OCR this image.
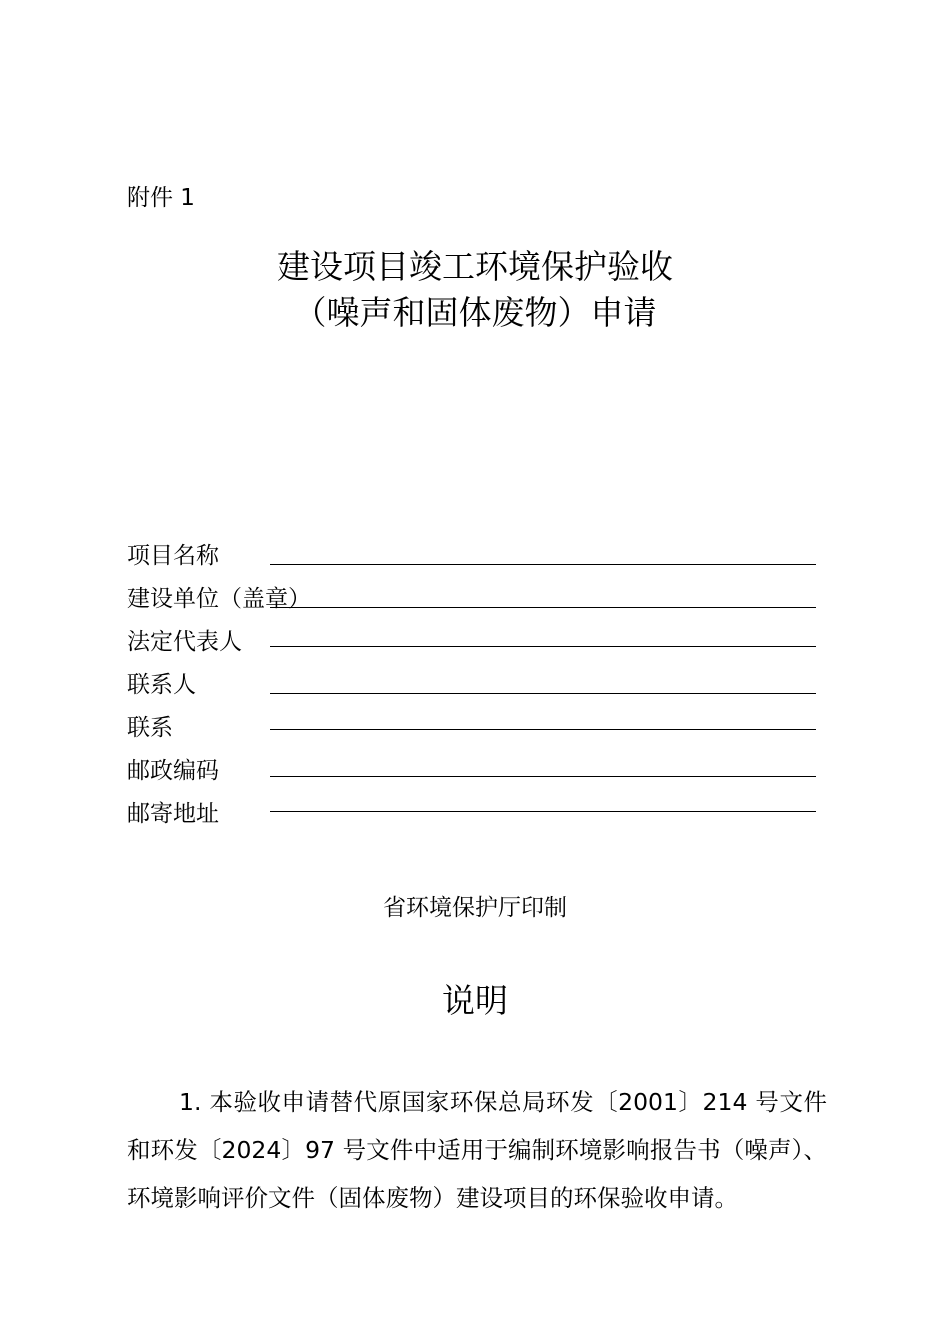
附件 1
建设项目竣工环境保护验收
（噪声和固体废物）申请
项目名称
建设单位（盖章）
法定代表人
联系人
联系
邮政编码
邮寄地址
省环境保护厅印制
说明
1. 本验收申请替代原国家环保总局环发〔2001〕214 号文件和环发〔2024〕97 号文件中适用于编制环境影响报告书（噪声）、环境影响评价文件（固体废物）建设项目的环保验收申请。
